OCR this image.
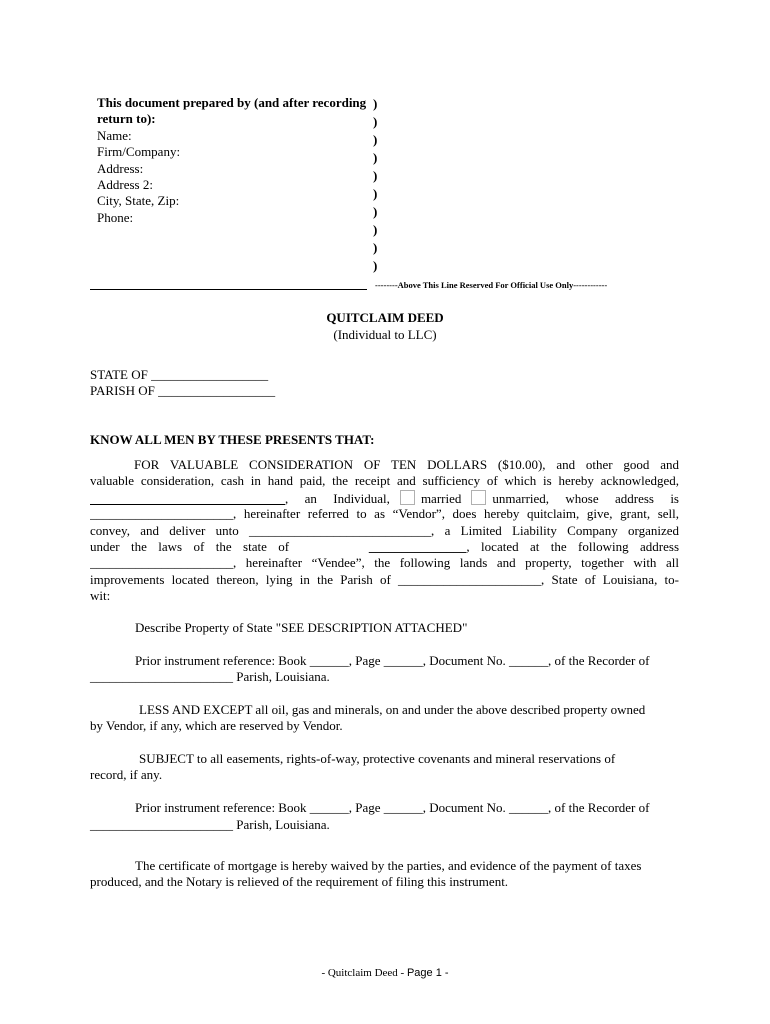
This document prepared by (and after recording
return to):
Name:
Firm/Company:
Address:
Address 2:
City, State, Zip:
Phone:
)
)
)
)
)
)
)
)
)
)
--------Above This Line Reserved For Official Use Only------------
QUITCLAIM DEED
(Individual to LLC)
STATE OF __________________
PARISH OF __________________
KNOW ALL MEN BY THESE PRESENTS THAT:
FOR VALUABLE CONSIDERATION OF TEN DOLLARS ($10.00), and other good and
valuable consideration, cash in hand paid, the receipt and sufficiency of which is hereby acknowledged,
______________________________, an Individual, married unmarried, whose address is
______________________, hereinafter referred to as “Vendor”, does hereby quitclaim, give, grant, sell,
convey, and deliver unto ____________________________, a Limited Liability Company organized
under the laws of the state of	_______________, located at the following address
______________________, hereinafter “Vendee”, the following lands and property, together with all
improvements located thereon, lying in the Parish of ______________________, State of Louisiana, to-
wit:
Describe Property of State "SEE DESCRIPTION ATTACHED"
Prior instrument reference: Book ______, Page ______, Document No. ______, of the Recorder of
______________________ Parish, Louisiana.
LESS AND EXCEPT all oil, gas and minerals, on and under the above described property owned
by Vendor, if any, which are reserved by Vendor.
SUBJECT to all easements, rights-of-way, protective covenants and mineral reservations of
record, if any.
Prior instrument reference: Book ______, Page ______, Document No. ______, of the Recorder of
______________________ Parish, Louisiana.
The certificate of mortgage is hereby waived by the parties, and evidence of the payment of taxes
produced, and the Notary is relieved of the requirement of filing this instrument.
- Quitclaim Deed - Page 1 -
